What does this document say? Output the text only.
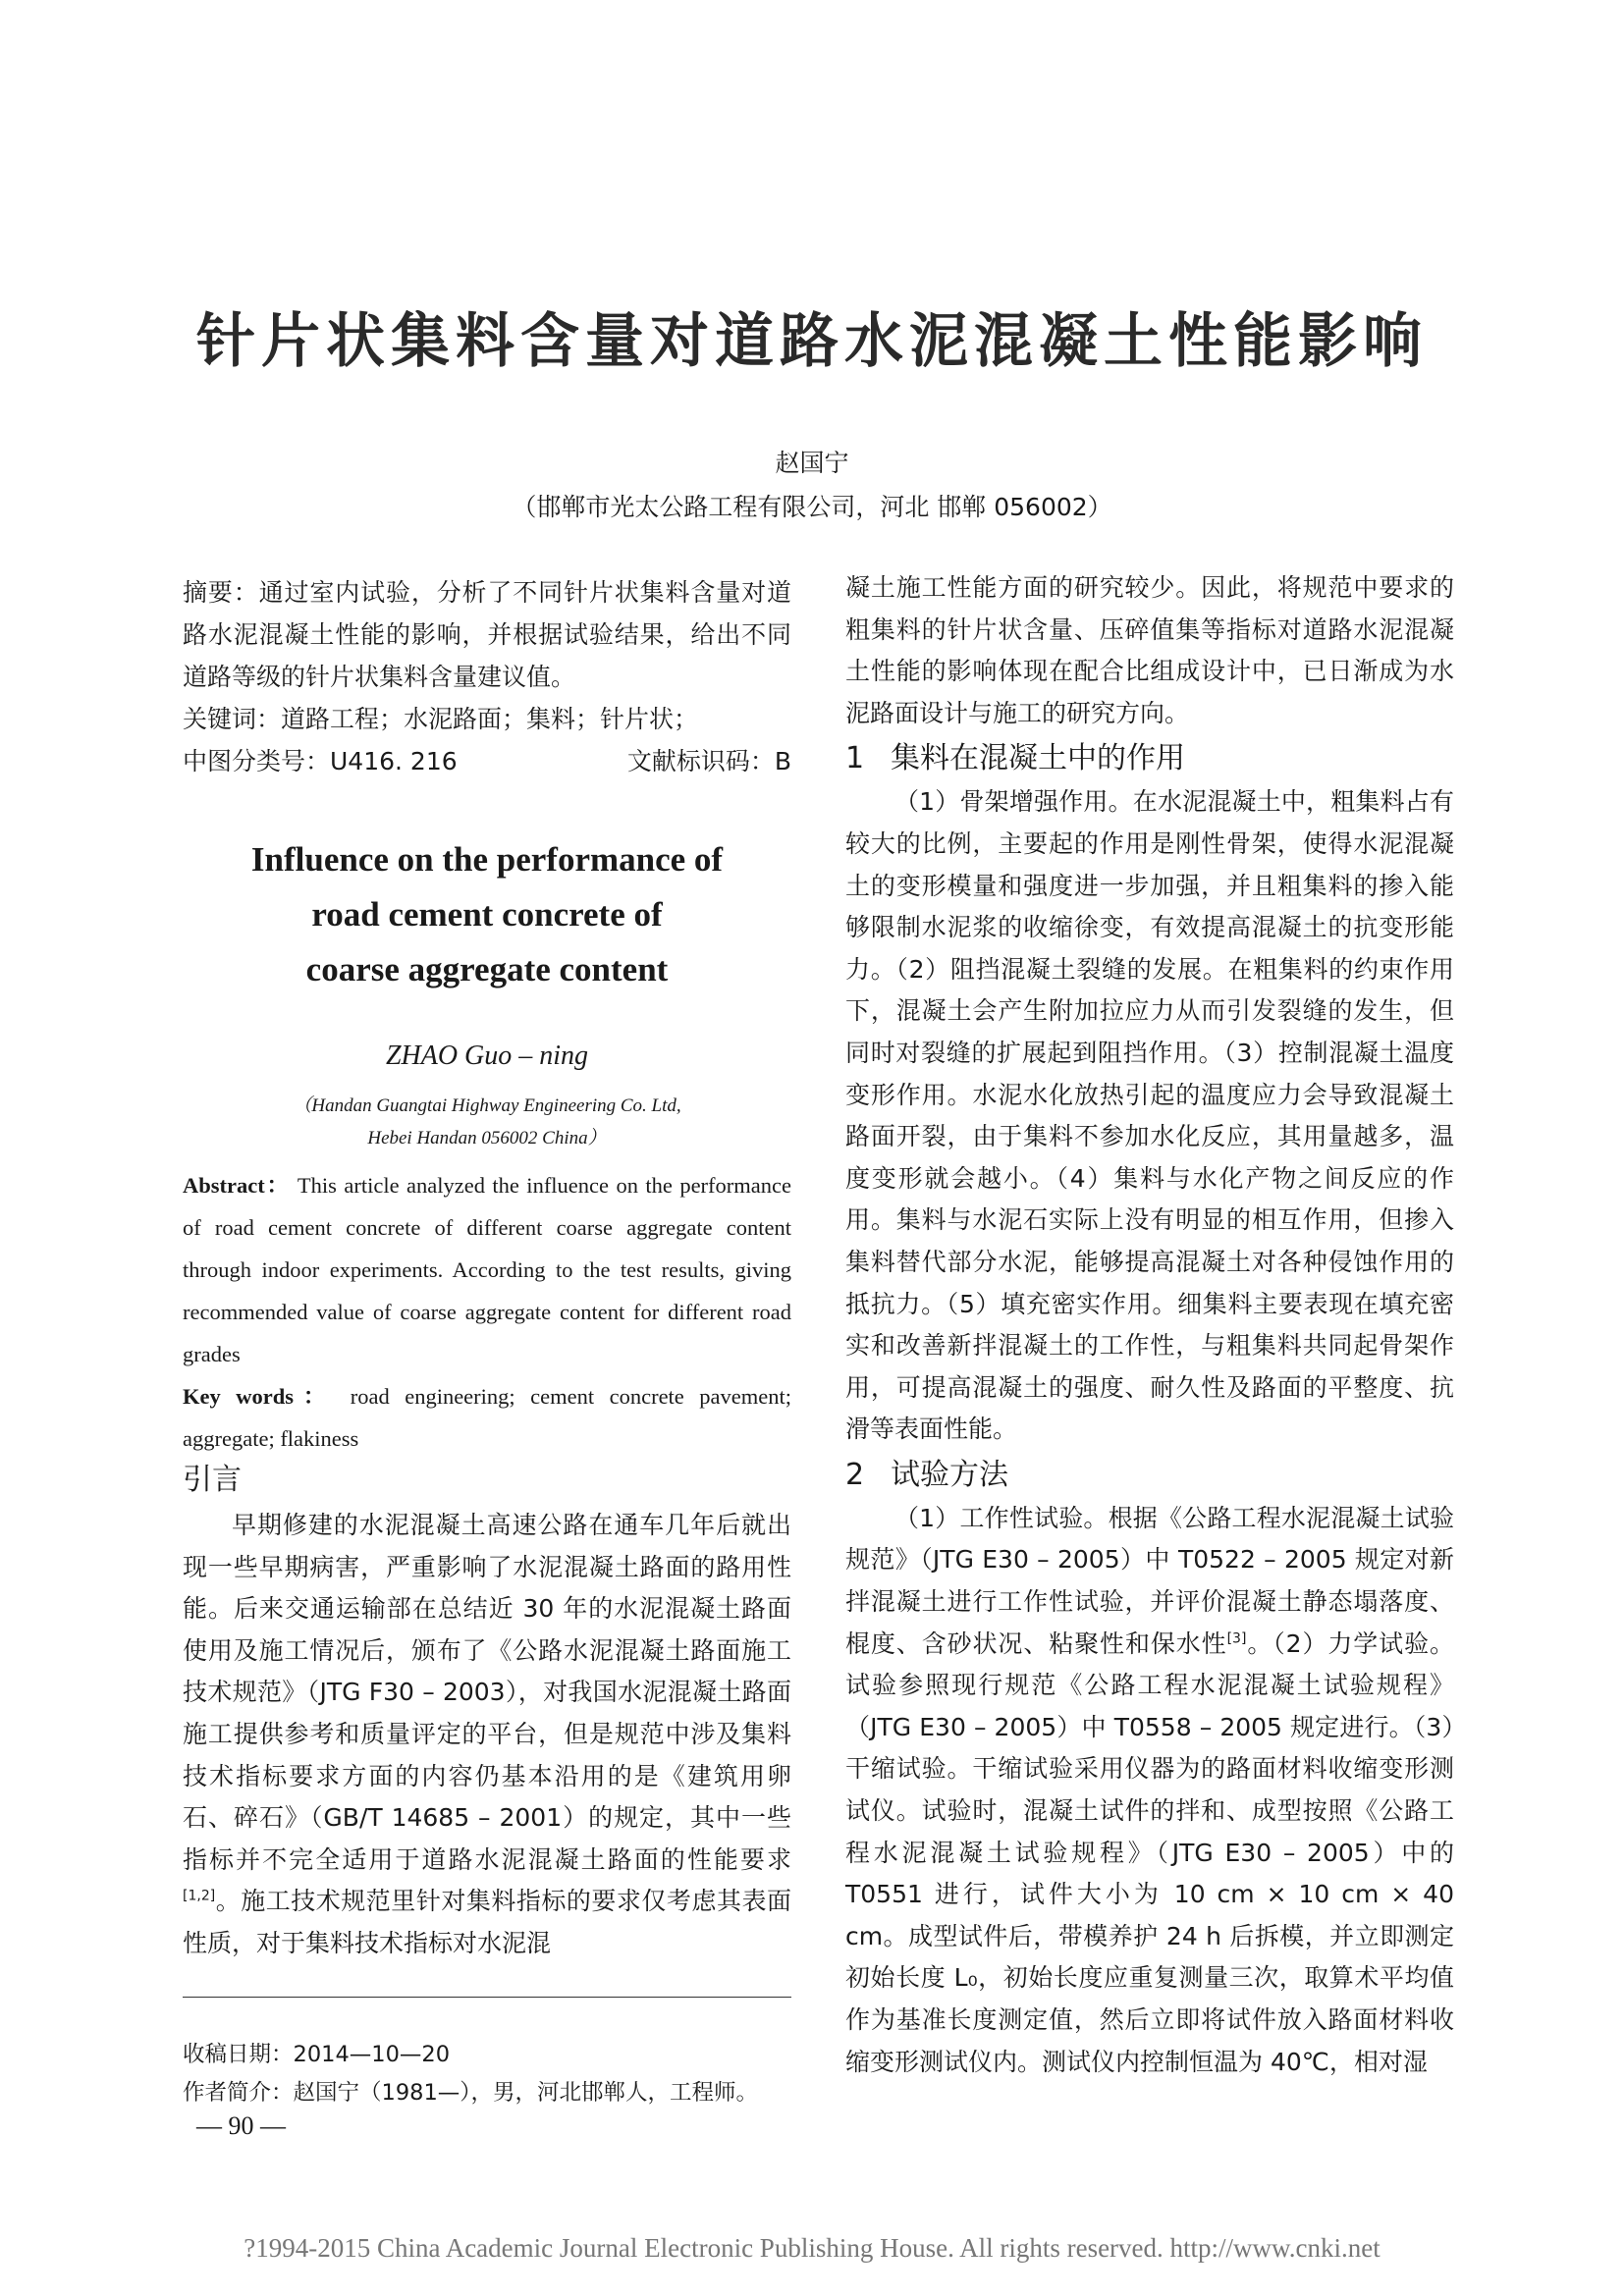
针片状集料含量对道路水泥混凝土性能影响
赵国宁
（邯郸市光太公路工程有限公司，河北 邯郸 056002）

摘要：通过室内试验，分析了不同针片状集料含量对道路水泥混凝土性能的影响，并根据试验结果，给出不同道路等级的针片状集料含量建议值。

关键词：道路工程；水泥路面；集料；针片状；

中图分类号：U416. 216	文献标识码：B
Influence on the performance of
road cement concrete of
coarse aggregate content
ZHAO Guo – ning
（Handan Guangtai Highway Engineering Co. Ltd,
Hebei Handan 056002 China）

Abstract： This article analyzed the influence on the performance of road cement concrete of different coarse aggregate content through indoor experiments. According to the test results, giving recommended value of coarse aggregate content for different road grades

Key words： road engineering; cement concrete pavement; aggregate; flakiness

引言

早期修建的水泥混凝土高速公路在通车几年后就出现一些早期病害，严重影响了水泥混凝土路面的路用性能。后来交通运输部在总结近 30 年的水泥混凝土路面使用及施工情况后，颁布了《公路水泥混凝土路面施工技术规范》（JTG F30 – 2003），对我国水泥混凝土路面施工提供参考和质量评定的平台，但是规范中涉及集料技术指标要求方面的内容仍基本沿用的是《建筑用卵石、碎石》（GB/T 14685 – 2001）的规定，其中一些指标并不完全适用于道路水泥混凝土路面的性能要求[1,2]。施工技术规范里针对集料指标的要求仅考虑其表面性质，对于集料技术指标对水泥混

收稿日期：2014—10—20
作者简介：赵国宁（1981—），男，河北邯郸人，工程师。
— 90 —

凝土施工性能方面的研究较少。因此，将规范中要求的粗集料的针片状含量、压碎值集等指标对道路水泥混凝土性能的影响体现在配合比组成设计中，已日渐成为水泥路面设计与施工的研究方向。

1 集料在混凝土中的作用

（1）骨架增强作用。在水泥混凝土中，粗集料占有较大的比例，主要起的作用是刚性骨架，使得水泥混凝土的变形模量和强度进一步加强，并且粗集料的掺入能够限制水泥浆的收缩徐变，有效提高混凝土的抗变形能力。（2）阻挡混凝土裂缝的发展。在粗集料的约束作用下，混凝土会产生附加拉应力从而引发裂缝的发生，但同时对裂缝的扩展起到阻挡作用。（3）控制混凝土温度变形作用。水泥水化放热引起的温度应力会导致混凝土路面开裂，由于集料不参加水化反应，其用量越多，温度变形就会越小。（4）集料与水化产物之间反应的作用。集料与水泥石实际上没有明显的相互作用，但掺入集料替代部分水泥，能够提高混凝土对各种侵蚀作用的抵抗力。（5）填充密实作用。细集料主要表现在填充密实和改善新拌混凝土的工作性，与粗集料共同起骨架作用，可提高混凝土的强度、耐久性及路面的平整度、抗滑等表面性能。

2 试验方法

（1）工作性试验。根据《公路工程水泥混凝土试验规范》（JTG E30 – 2005）中 T0522 – 2005 规定对新拌混凝土进行工作性试验，并评价混凝土静态塌落度、棍度、含砂状况、粘聚性和保水性[3]。（2）力学试验。试验参照现行规范《公路工程水泥混凝土试验规程》（JTG E30 – 2005）中 T0558 – 2005 规定进行。（3）干缩试验。干缩试验采用仪器为的路面材料收缩变形测试仪。试验时，混凝土试件的拌和、成型按照《公路工程水泥混凝土试验规程》（JTG E30 – 2005）中的 T0551 进行，试件大小为 10 cm × 10 cm × 40 cm。成型试件后，带模养护 24 h 后拆模，并立即测定初始长度 L₀，初始长度应重复测量三次，取算术平均值作为基准长度测定值，然后立即将试件放入路面材料收缩变形测试仪内。测试仪内控制恒温为 40℃，相对湿

?1994-2015 China Academic Journal Electronic Publishing House. All rights reserved. http://www.cnki.net
